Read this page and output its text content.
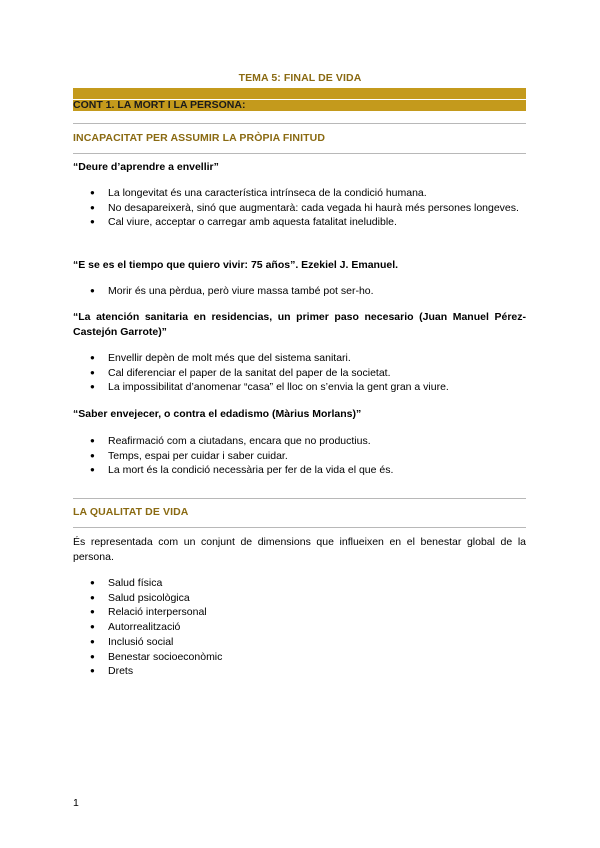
TEMA 5: FINAL DE VIDA
CONT 1. LA MORT I LA PERSONA:
INCAPACITAT PER ASSUMIR LA PRÒPIA FINITUD
“Deure d’aprendre a envellir”
● La longevitat és una característica intrínseca de la condició humana.
● No desapareixerà, sinó que augmentarà: cada vegada hi haurà més persones longeves.
● Cal viure, acceptar o carregar amb aquesta fatalitat ineludible.
“E se es el tiempo que quiero vivir: 75 años”. Ezekiel J. Emanuel.
● Morir és una pèrdua, però viure massa també pot ser-ho.
“La atención sanitaria en residencias, un primer paso necesario (Juan Manuel Pérez-Castejón Garrote)”
● Envellir depèn de molt més que del sistema sanitari.
● Cal diferenciar el paper de la sanitat del paper de la societat.
● La impossibilitat d’anomenar “casa” el lloc on s’envia la gent gran a viure.
“Saber envejecer, o contra el edadismo (Màrius Morlans)”
● Reafirmació com a ciutadans, encara que no productius.
● Temps, espai per cuidar i saber cuidar.
● La mort és la condició necessària per fer de la vida el que és.
LA QUALITAT DE VIDA
És representada com un conjunt de dimensions que influeixen en el benestar global de la persona.
● Salud física
● Salud psicològica
● Relació interpersonal
● Autorrealització
● Inclusió social
● Benestar socioeconòmic
● Drets
1
